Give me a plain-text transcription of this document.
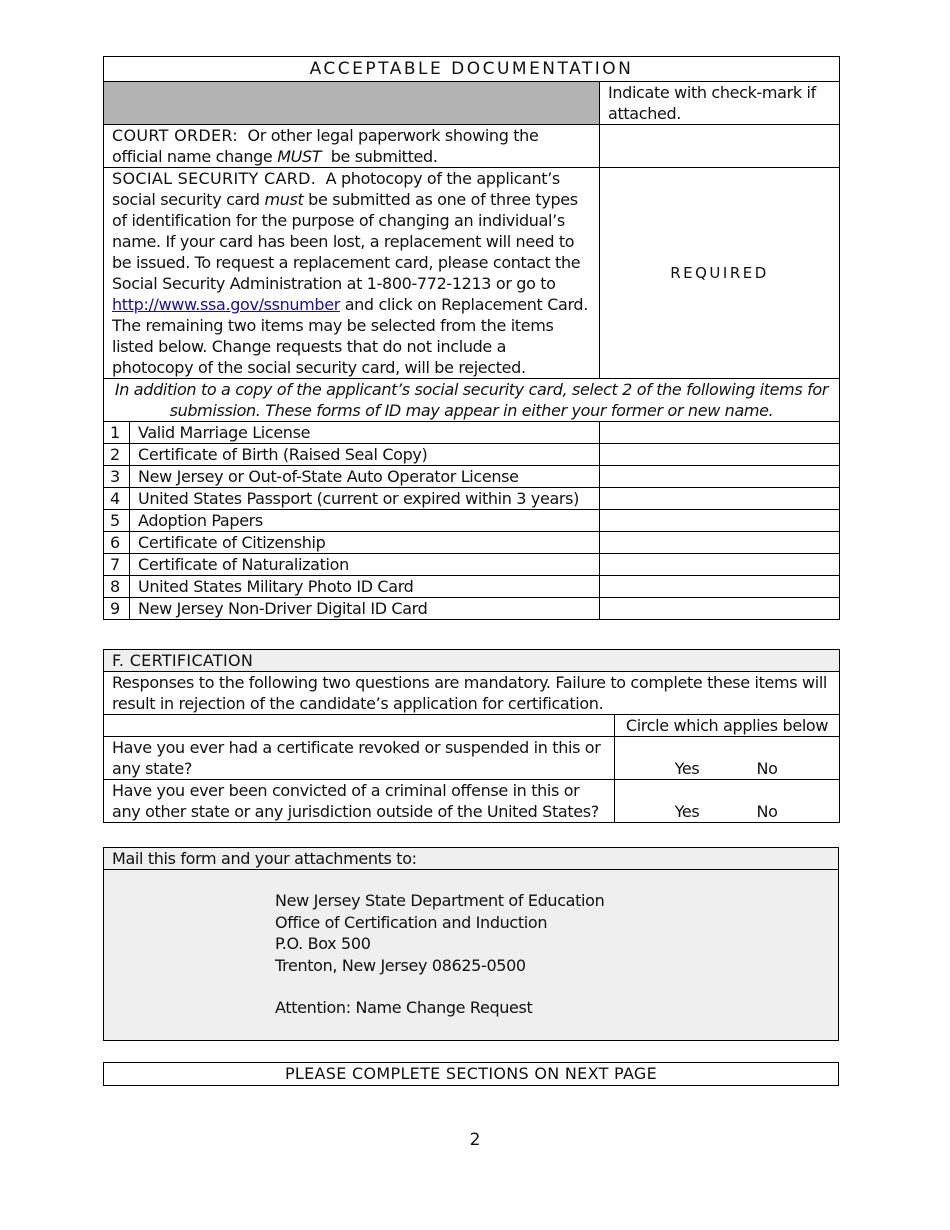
ACCEPTABLE DOCUMENTATION		
		Indicate with check-mark if attached.
COURT ORDER: Or other legal paperwork showing the official name change MUST be submitted.		
SOCIAL SECURITY CARD. A photocopy of the applicant’s social security card must be submitted as one of three types of identification for the purpose of changing an individual’s name. If your card has been lost, a replacement will need to be issued. To request a replacement card, please contact the Social Security Administration at 1-800-772-1213 or go to http://www.ssa.gov/ssnumber and click on Replacement Card. The remaining two items may be selected from the items listed below. Change requests that do not include a photocopy of the social security card, will be rejected.		REQUIRED
In addition to a copy of the applicant’s social security card, select 2 of the following items for submission. These forms of ID may appear in either your former or new name.		
1	Valid Marriage License	
2	Certificate of Birth (Raised Seal Copy)	
3	New Jersey or Out-of-State Auto Operator License	
4	United States Passport (current or expired within 3 years)	
5	Adoption Papers	
6	Certificate of Citizenship	
7	Certificate of Naturalization	
8	United States Military Photo ID Card	
9	New Jersey Non-Driver Digital ID Card	
F. CERTIFICATION	
Responses to the following two questions are mandatory. Failure to complete these items will result in rejection of the candidate’s application for certification.	
	Circle which applies below
Have you ever had a certificate revoked or suspended in this or any state?	Yes No
Have you ever been convicted of a criminal offense in this or any other state or any jurisdiction outside of the United States?	Yes No
Mail this form and your attachments to:

New Jersey State Department of Education
Office of Certification and Induction
P.O. Box 500
Trenton, New Jersey 08625-0500
Attention: Name Change Request
PLEASE COMPLETE SECTIONS ON NEXT PAGE
2
